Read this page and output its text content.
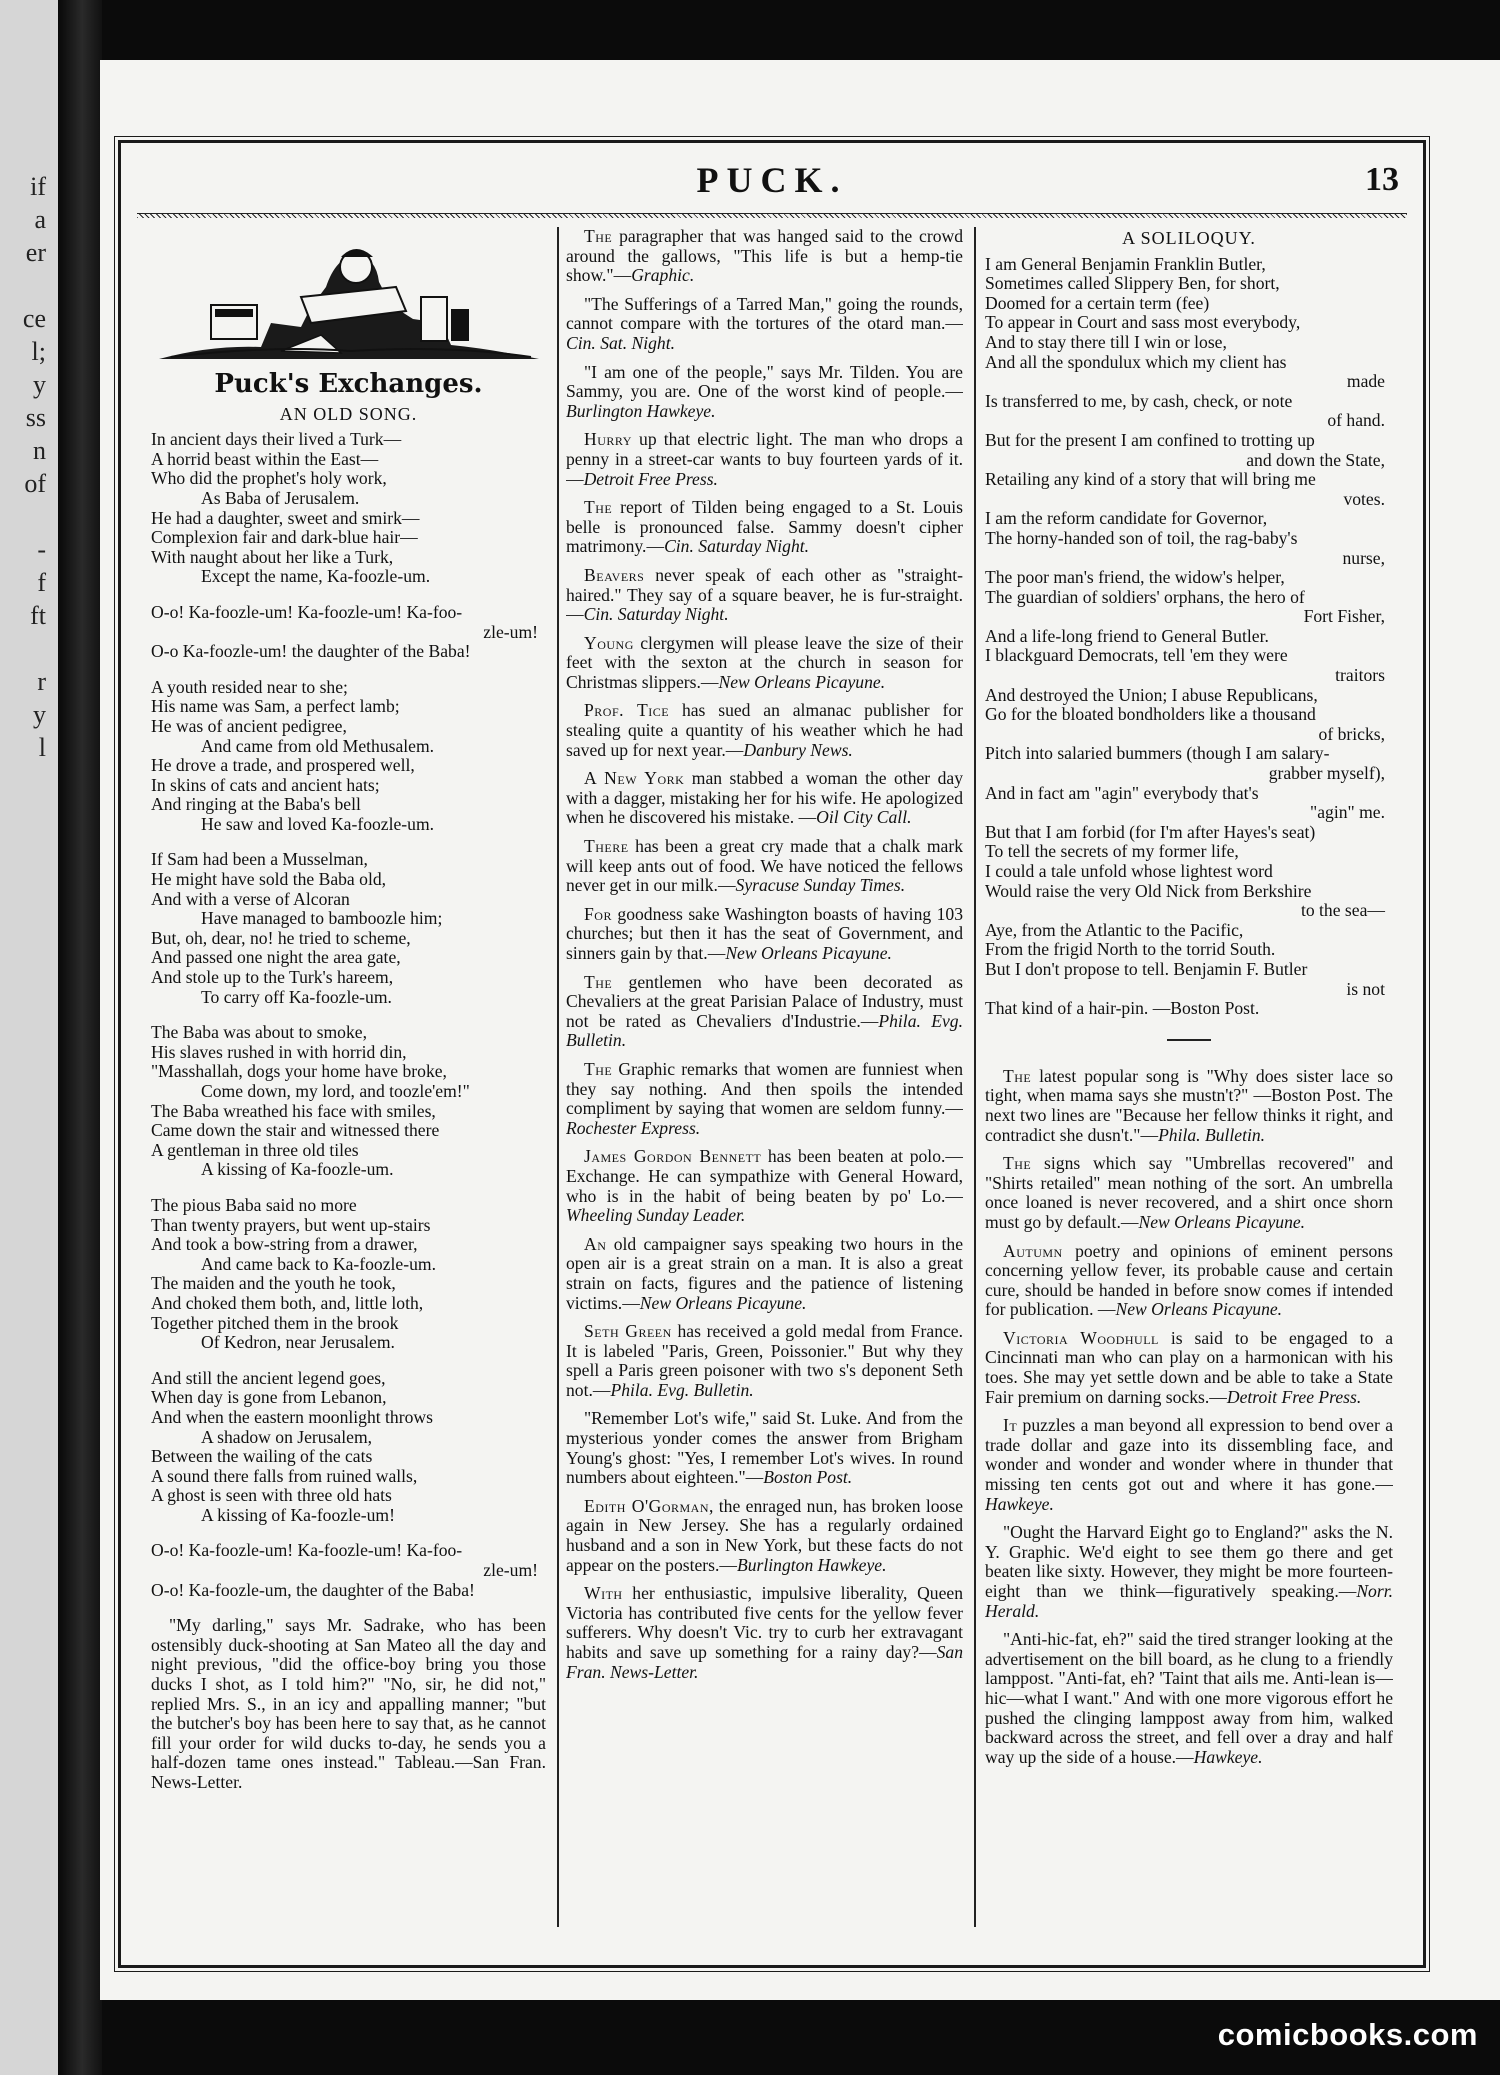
if
a
er

ce
l;
y
ss
n
of

-
f
ft

r
y
l
PUCK.	13
Puck's Exchanges.
AN OLD SONG.
In ancient days their lived a Turk—
A horrid beast within the East—
Who did the prophet's holy work,
As Baba of Jerusalem.
He had a daughter, sweet and smirk—
Complexion fair and dark-blue hair—
With naught about her like a Turk,
Except the name, Ka-foozle-um.
O-o! Ka-foozle-um! Ka-foozle-um! Ka-foo-
zle-um!
O-o Ka-foozle-um! the daughter of the Baba!
A youth resided near to she;
His name was Sam, a perfect lamb;
He was of ancient pedigree,
And came from old Methusalem.
He drove a trade, and prospered well,
In skins of cats and ancient hats;
And ringing at the Baba's bell
He saw and loved Ka-foozle-um.
If Sam had been a Musselman,
He might have sold the Baba old,
And with a verse of Alcoran
Have managed to bamboozle him;
But, oh, dear, no! he tried to scheme,
And passed one night the area gate,
And stole up to the Turk's hareem,
To carry off Ka-foozle-um.
The Baba was about to smoke,
His slaves rushed in with horrid din,
"Masshallah, dogs your home have broke,
Come down, my lord, and toozle'em!"
The Baba wreathed his face with smiles,
Came down the stair and witnessed there
A gentleman in three old tiles
A kissing of Ka-foozle-um.
The pious Baba said no more
Than twenty prayers, but went up-stairs
And took a bow-string from a drawer,
And came back to Ka-foozle-um.
The maiden and the youth he took,
And choked them both, and, little loth,
Together pitched them in the brook
Of Kedron, near Jerusalem.
And still the ancient legend goes,
When day is gone from Lebanon,
And when the eastern moonlight throws
A shadow on Jerusalem,
Between the wailing of the cats
A sound there falls from ruined walls,
A ghost is seen with three old hats
A kissing of Ka-foozle-um!
O-o! Ka-foozle-um! Ka-foozle-um! Ka-foo-
zle-um!
O-o! Ka-foozle-um, the daughter of the Baba!

"My darling," says Mr. Sadrake, who has been ostensibly duck-shooting at San Mateo all the day and night previous, "did the office-boy bring you those ducks I shot, as I told him?" "No, sir, he did not," replied Mrs. S., in an icy and appalling manner; "but the butcher's boy has been here to say that, as he cannot fill your order for wild ducks to-day, he sends you a half-dozen tame ones instead." Tableau.—San Fran. News-Letter.

The paragrapher that was hanged said to the crowd around the gallows, "This life is but a hemp-tie show."—Graphic.

"The Sufferings of a Tarred Man," going the rounds, cannot compare with the tortures of the otard man.—Cin. Sat. Night.

"I am one of the people," says Mr. Tilden. You are Sammy, you are. One of the worst kind of people.—Burlington Hawkeye.

Hurry up that electric light. The man who drops a penny in a street-car wants to buy fourteen yards of it.—Detroit Free Press.

The report of Tilden being engaged to a St. Louis belle is pronounced false. Sammy doesn't cipher matrimony.—Cin. Saturday Night.

Beavers never speak of each other as "straight-haired." They say of a square beaver, he is fur-straight.—Cin. Saturday Night.

Young clergymen will please leave the size of their feet with the sexton at the church in season for Christmas slippers.—New Orleans Picayune.

Prof. Tice has sued an almanac publisher for stealing quite a quantity of his weather which he had saved up for next year.—Danbury News.

A New York man stabbed a woman the other day with a dagger, mistaking her for his wife. He apologized when he discovered his mistake. —Oil City Call.

There has been a great cry made that a chalk mark will keep ants out of food. We have noticed the fellows never get in our milk.—Syracuse Sunday Times.

For goodness sake Washington boasts of having 103 churches; but then it has the seat of Government, and sinners gain by that.—New Orleans Picayune.

The gentlemen who have been decorated as Chevaliers at the great Parisian Palace of Industry, must not be rated as Chevaliers d'Industrie.—Phila. Evg. Bulletin.

The Graphic remarks that women are funniest when they say nothing. And then spoils the intended compliment by saying that women are seldom funny.—Rochester Express.

James Gordon Bennett has been beaten at polo.—Exchange. He can sympathize with General Howard, who is in the habit of being beaten by po' Lo.—Wheeling Sunday Leader.

An old campaigner says speaking two hours in the open air is a great strain on a man. It is also a great strain on facts, figures and the patience of listening victims.—New Orleans Picayune.

Seth Green has received a gold medal from France. It is labeled "Paris, Green, Poissonier." But why they spell a Paris green poisoner with two s's deponent Seth not.—Phila. Evg. Bulletin.

"Remember Lot's wife," said St. Luke. And from the mysterious yonder comes the answer from Brigham Young's ghost: "Yes, I remember Lot's wives. In round numbers about eighteen."—Boston Post.

Edith O'Gorman, the enraged nun, has broken loose again in New Jersey. She has a regularly ordained husband and a son in New York, but these facts do not appear on the posters.—Burlington Hawkeye.

With her enthusiastic, impulsive liberality, Queen Victoria has contributed five cents for the yellow fever sufferers. Why doesn't Vic. try to curb her extravagant habits and save up something for a rainy day?—San Fran. News-Letter.

A SOLILOQUY.
I am General Benjamin Franklin Butler,
Sometimes called Slippery Ben, for short,
Doomed for a certain term (fee)
To appear in Court and sass most everybody,
And to stay there till I win or lose,
And all the spondulux which my client has
made
Is transferred to me, by cash, check, or note
of hand.
But for the present I am confined to trotting up
and down the State,
Retailing any kind of a story that will bring me
votes.
I am the reform candidate for Governor,
The horny-handed son of toil, the rag-baby's
nurse,
The poor man's friend, the widow's helper,
The guardian of soldiers' orphans, the hero of
Fort Fisher,
And a life-long friend to General Butler.
I blackguard Democrats, tell 'em they were
traitors
And destroyed the Union; I abuse Republicans,
Go for the bloated bondholders like a thousand
of bricks,
Pitch into salaried bummers (though I am salary-
grabber myself),
And in fact am "agin" everybody that's
"agin" me.
But that I am forbid (for I'm after Hayes's seat)
To tell the secrets of my former life,
I could a tale unfold whose lightest word
Would raise the very Old Nick from Berkshire
to the sea—
Aye, from the Atlantic to the Pacific,
From the frigid North to the torrid South.
But I don't propose to tell. Benjamin F. Butler
is not
That kind of a hair-pin. —Boston Post.

The latest popular song is "Why does sister lace so tight, when mama says she mustn't?" —Boston Post. The next two lines are "Because her fellow thinks it right, and contradict she dusn't."—Phila. Bulletin.

The signs which say "Umbrellas recovered" and "Shirts retailed" mean nothing of the sort. An umbrella once loaned is never recovered, and a shirt once shorn must go by default.—New Orleans Picayune.

Autumn poetry and opinions of eminent persons concerning yellow fever, its probable cause and certain cure, should be handed in before snow comes if intended for publication. —New Orleans Picayune.

Victoria Woodhull is said to be engaged to a Cincinnati man who can play on a harmonican with his toes. She may yet settle down and be able to take a State Fair premium on darning socks.—Detroit Free Press.

It puzzles a man beyond all expression to bend over a trade dollar and gaze into its dissembling face, and wonder and wonder and wonder where in thunder that missing ten cents got out and where it has gone.—Hawkeye.

"Ought the Harvard Eight go to England?" asks the N. Y. Graphic. We'd eight to see them go there and get beaten like sixty. However, they might be more fourteen-eight than we think—figuratively speaking.—Norr. Herald.

"Anti-hic-fat, eh?" said the tired stranger looking at the advertisement on the bill board, as he clung to a friendly lamppost. "Anti-fat, eh? 'Taint that ails me. Anti-lean is—hic—what I want." And with one more vigorous effort he pushed the clinging lamppost away from him, walked backward across the street, and fell over a dray and half way up the side of a house.—Hawkeye.

comicbooks.com
